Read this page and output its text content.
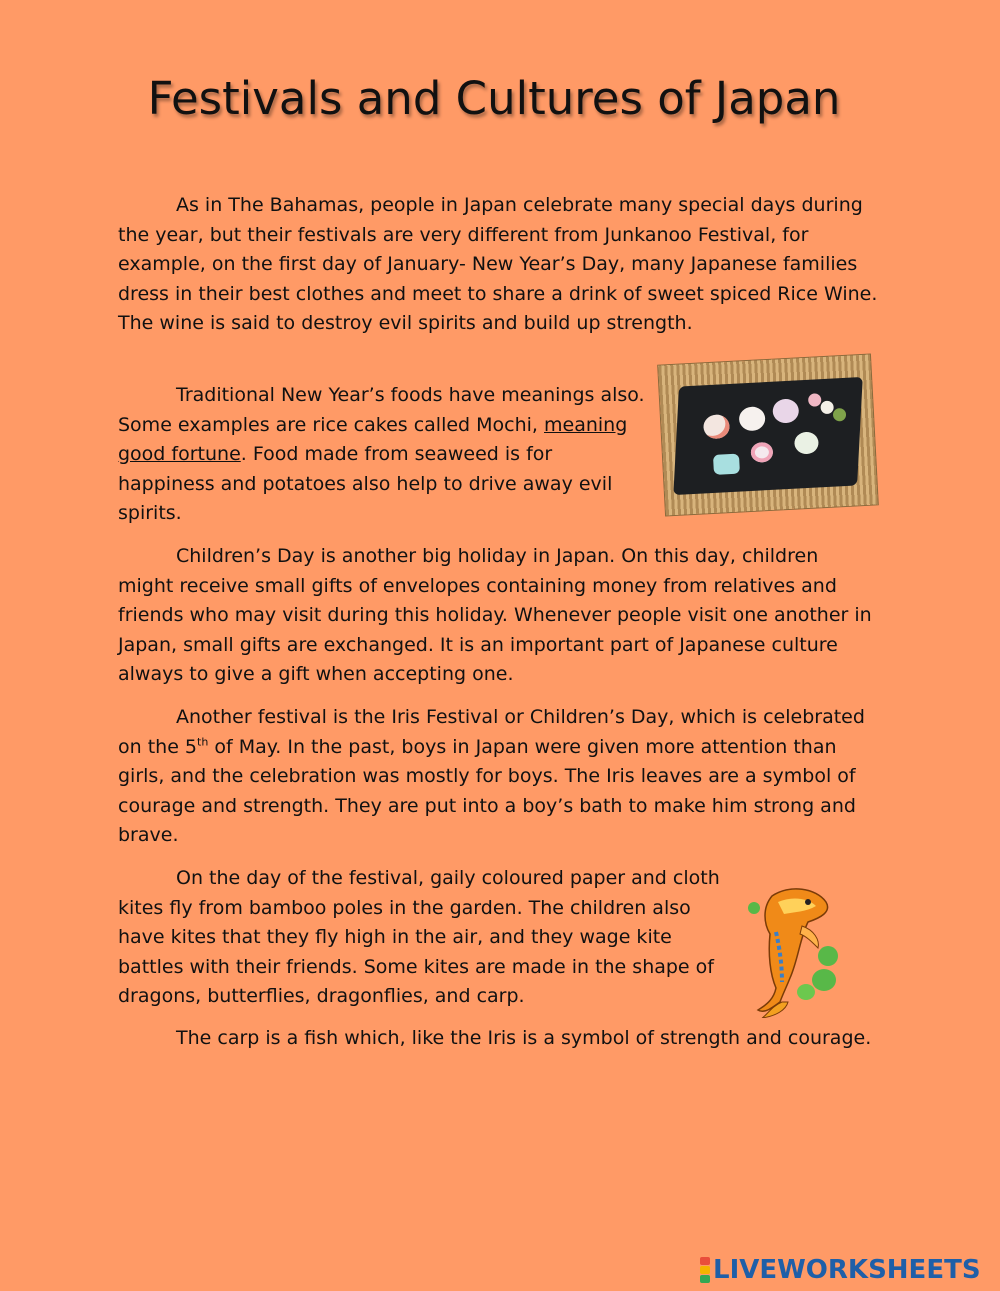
Festivals and Cultures of Japan

As in The Bahamas, people in Japan celebrate many special days during the year, but their festivals are very different from Junkanoo Festival, for example, on the first day of January- New Year’s Day, many Japanese families dress in their best clothes and meet to share a drink of sweet spiced Rice Wine. The wine is said to destroy evil spirits and build up strength.

Traditional New Year’s foods have meanings also. Some examples are rice cakes called Mochi, meaning good fortune. Food made from seaweed is for happiness and potatoes also help to drive away evil spirits.

Children’s Day is another big holiday in Japan. On this day, children might receive small gifts of envelopes containing money from relatives and friends who may visit during this holiday. Whenever people visit one another in Japan, small gifts are exchanged. It is an important part of Japanese culture always to give a gift when accepting one.

Another festival is the Iris Festival or Children’s Day, which is celebrated on the 5th of May. In the past, boys in Japan were given more attention than girls, and the celebration was mostly for boys. The Iris leaves are a symbol of courage and strength. They are put into a boy’s bath to make him strong and brave.

On the day of the festival, gaily coloured paper and cloth kites fly from bamboo poles in the garden. The children also have kites that they fly high in the air, and they wage kite battles with their friends. Some kites are made in the shape of dragons, butterflies, dragonflies, and carp.

The carp is a fish which, like the Iris is a symbol of strength and courage.

LIVEWORKSHEETS
